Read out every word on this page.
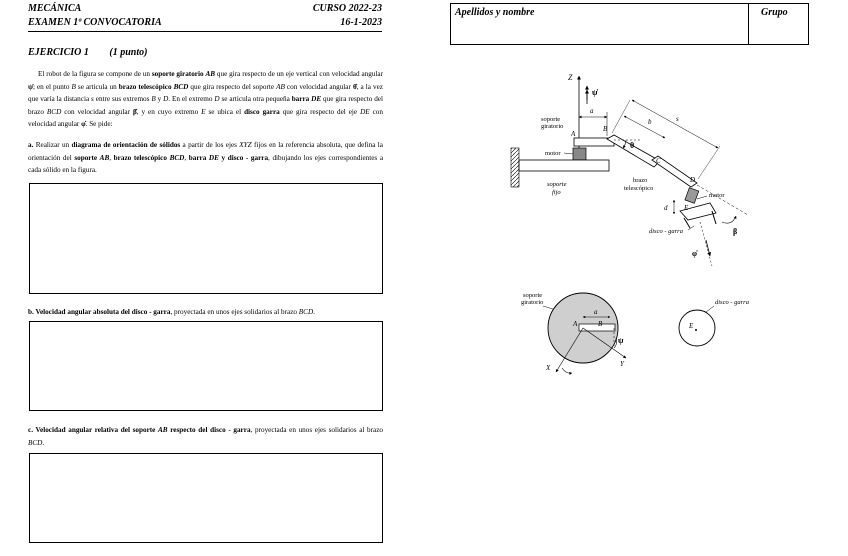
MECÁNICA	CURSO 2022-23
EXAMEN 1ª CONVOCATORIA	16-1-2023
EJERCICIO 1 (1 punto)
El robot de la figura se compone de un soporte giratorio AB que gira respecto de un eje vertical con velocidad angular ψ̇; en el punto B se articula un brazo telescópico BCD que gira respecto del soporte AB con velocidad angular θ̇, a la vez que varía la distancia s entre sus extremos B y D. En el extremo D se articula otra pequeña barra DE que gira respecto del brazo BCD con velocidad angular β̇, y en cuyo extremo E se ubica el disco garra que gira respecto del eje DE con velocidad angular φ̇. Se pide:
a. Realizar un diagrama de orientación de sólidos a partir de los ejes XYZ fijos en la referencia absoluta, que defina la orientación del soporte AB, brazo telescópico BCD, barra DE y disco - garra, dibujando los ejes correspondientes a cada sólido en la figura.
b. Velocidad angular absoluta del disco - garra, proyectada en unos ejes solidarios al brazo BCD.
c. Velocidad angular relativa del soporte AB respecto del disco - garra, proyectada en unos ejes solidarios al brazo BCD.
Apellidos y nombre	Grupo
Z
ψ̇
a
soporte
giratorio
A
B
motor
soporte
fijo
C
D
brazo
telescópico
θ
b	s
β
motor
E
d
disco - garra
φ̇
soporte
giratorio
A	B
a
Y
X
ψ
disco - garra
E
